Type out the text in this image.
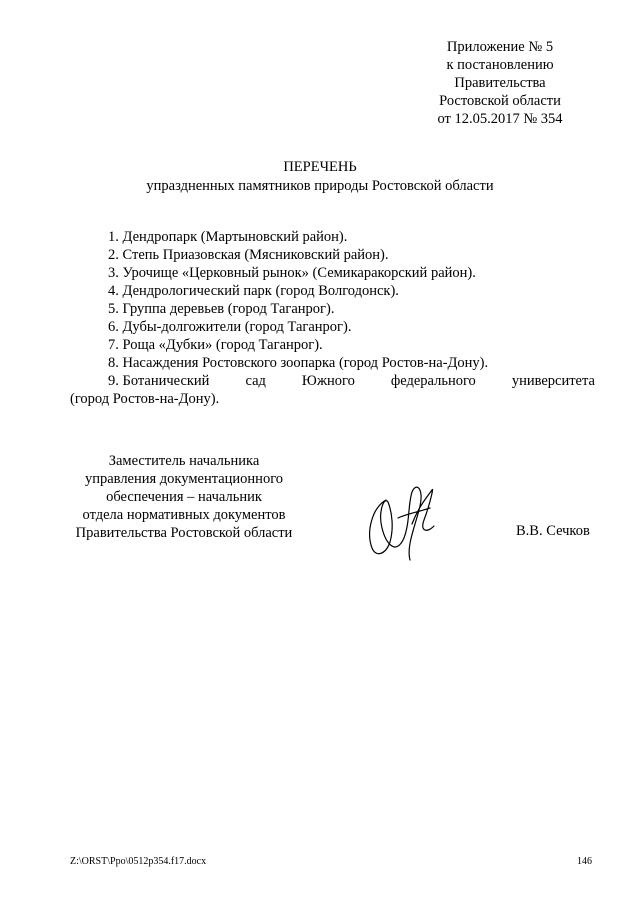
Приложение № 5
к постановлению
Правительства
Ростовской области
от 12.05.2017 № 354
ПЕРЕЧЕНЬ
упраздненных памятников природы Ростовской области
1. Дендропарк (Мартыновский район).
2. Степь Приазовская (Мясниковский район).
3. Урочище «Церковный рынок» (Семикаракорский район).
4. Дендрологический парк (город Волгодонск).
5. Группа деревьев (город Таганрог).
6. Дубы-долгожители (город Таганрог).
7. Роща «Дубки» (город Таганрог).
8. Насаждения Ростовского зоопарка (город Ростов-на-Дону).
9. Ботанический сад Южного федерального университета
(город Ростов-на-Дону).
Заместитель начальника
управления документационного
обеспечения – начальник
отдела нормативных документов
Правительства Ростовской области	В.В. Сечков
Z:\ORST\Ppo\0512p354.f17.docx	146
